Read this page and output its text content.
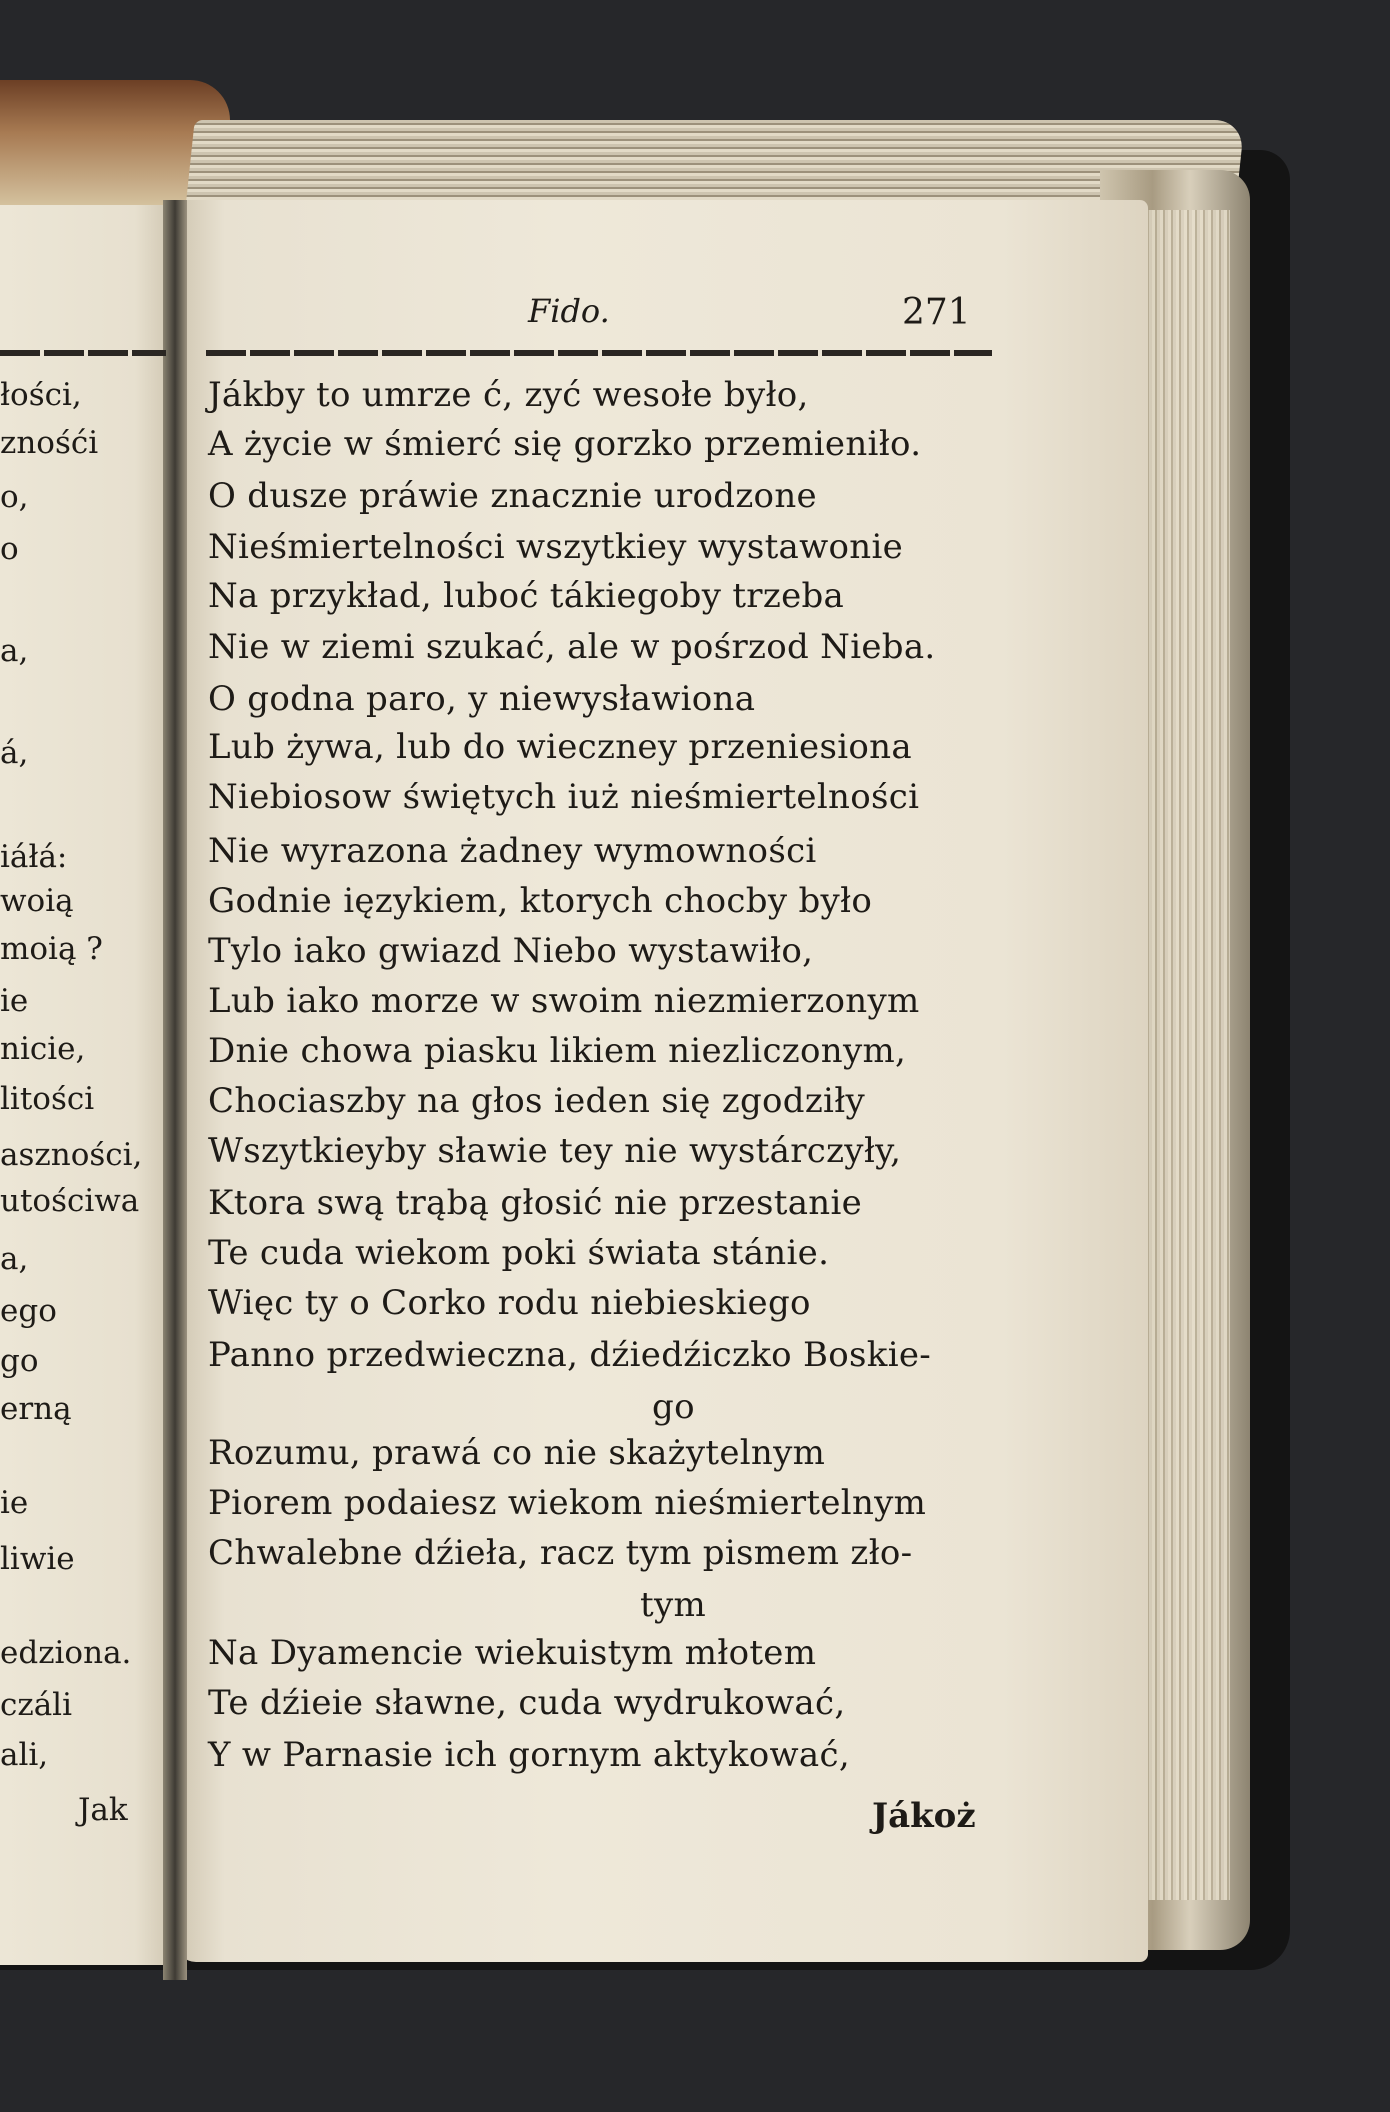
łości,
znośći
o,
o
a,
á,
iáłá:
woią
moią ?
ie
nicie,
litości
aszności,
utościwa
a,
ego
go
erną
ie
liwie
edziona.
czáli
ali,
Jak
Fido.	271
Jákby to umrze ć, zyć wesołe było,
A życie w śmierć się gorzko przemieniło.
O dusze práwie znacznie urodzone
Nieśmiertelności wszytkiey wystawonie
Na przykład, luboć tákiegoby trzeba
Nie w ziemi szukać, ale w pośrzod Nieba.
O godna paro, y niewysławiona
Lub żywa, lub do wieczney przeniesiona
Niebiosow świętych iuż nieśmiertelności
Nie wyrazona żadney wymowności
Godnie ięzykiem, ktorych chocby było
Tylo iako gwiazd Niebo wystawiło,
Lub iako morze w swoim niezmierzonym
Dnie chowa piasku likiem niezliczonym,
Chociaszby na głos ieden się zgodziły
Wszytkieyby sławie tey nie wystárczyły,
Ktora swą trąbą głosić nie przestanie
Te cuda wiekom poki świata stánie.
Więc ty o Corko rodu niebieskiego
Panno przedwieczna, dźiedźiczko Boskie-
go
Rozumu, prawá co nie skażytelnym
Piorem podaiesz wiekom nieśmiertelnym
Chwalebne dźieła, racz tym pismem zło-
tym
Na Dyamencie wiekuistym młotem
Te dźieie sławne, cuda wydrukować,
Y w Parnasie ich gornym aktykować,
Jákoż
